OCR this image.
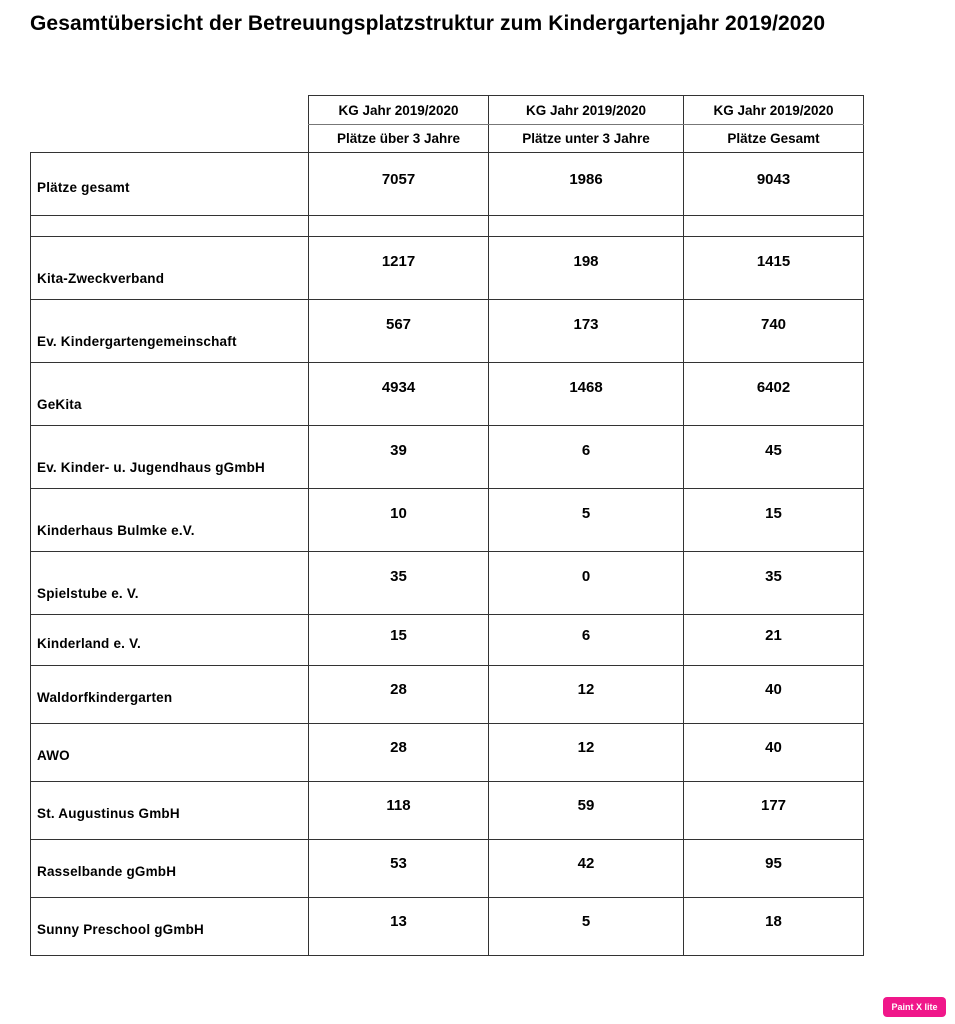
Gesamtübersicht der Betreuungsplatzstruktur zum Kindergartenjahr 2019/2020
	KG Jahr 2019/2020	KG Jahr 2019/2020	KG Jahr 2019/2020
	Plätze über 3 Jahre	Plätze unter 3 Jahre	Plätze Gesamt

Plätze gesamt	7057	1986	9043

Kita-Zweckverband	1217	198	1415

Ev. Kindergartengemeinschaft	567	173	740

GeKita	4934	1468	6402

Ev. Kinder- u. Jugendhaus gGmbH	39	6	45

Kinderhaus Bulmke e.V.	10	5	15

Spielstube e. V.	35	0	35

Kinderland e. V.	15	6	21

Waldorfkindergarten	28	12	40

AWO	28	12	40

St. Augustinus GmbH	118	59	177

Rasselbande gGmbH	53	42	95

Sunny Preschool gGmbH	13	5	18
Paint X lite
